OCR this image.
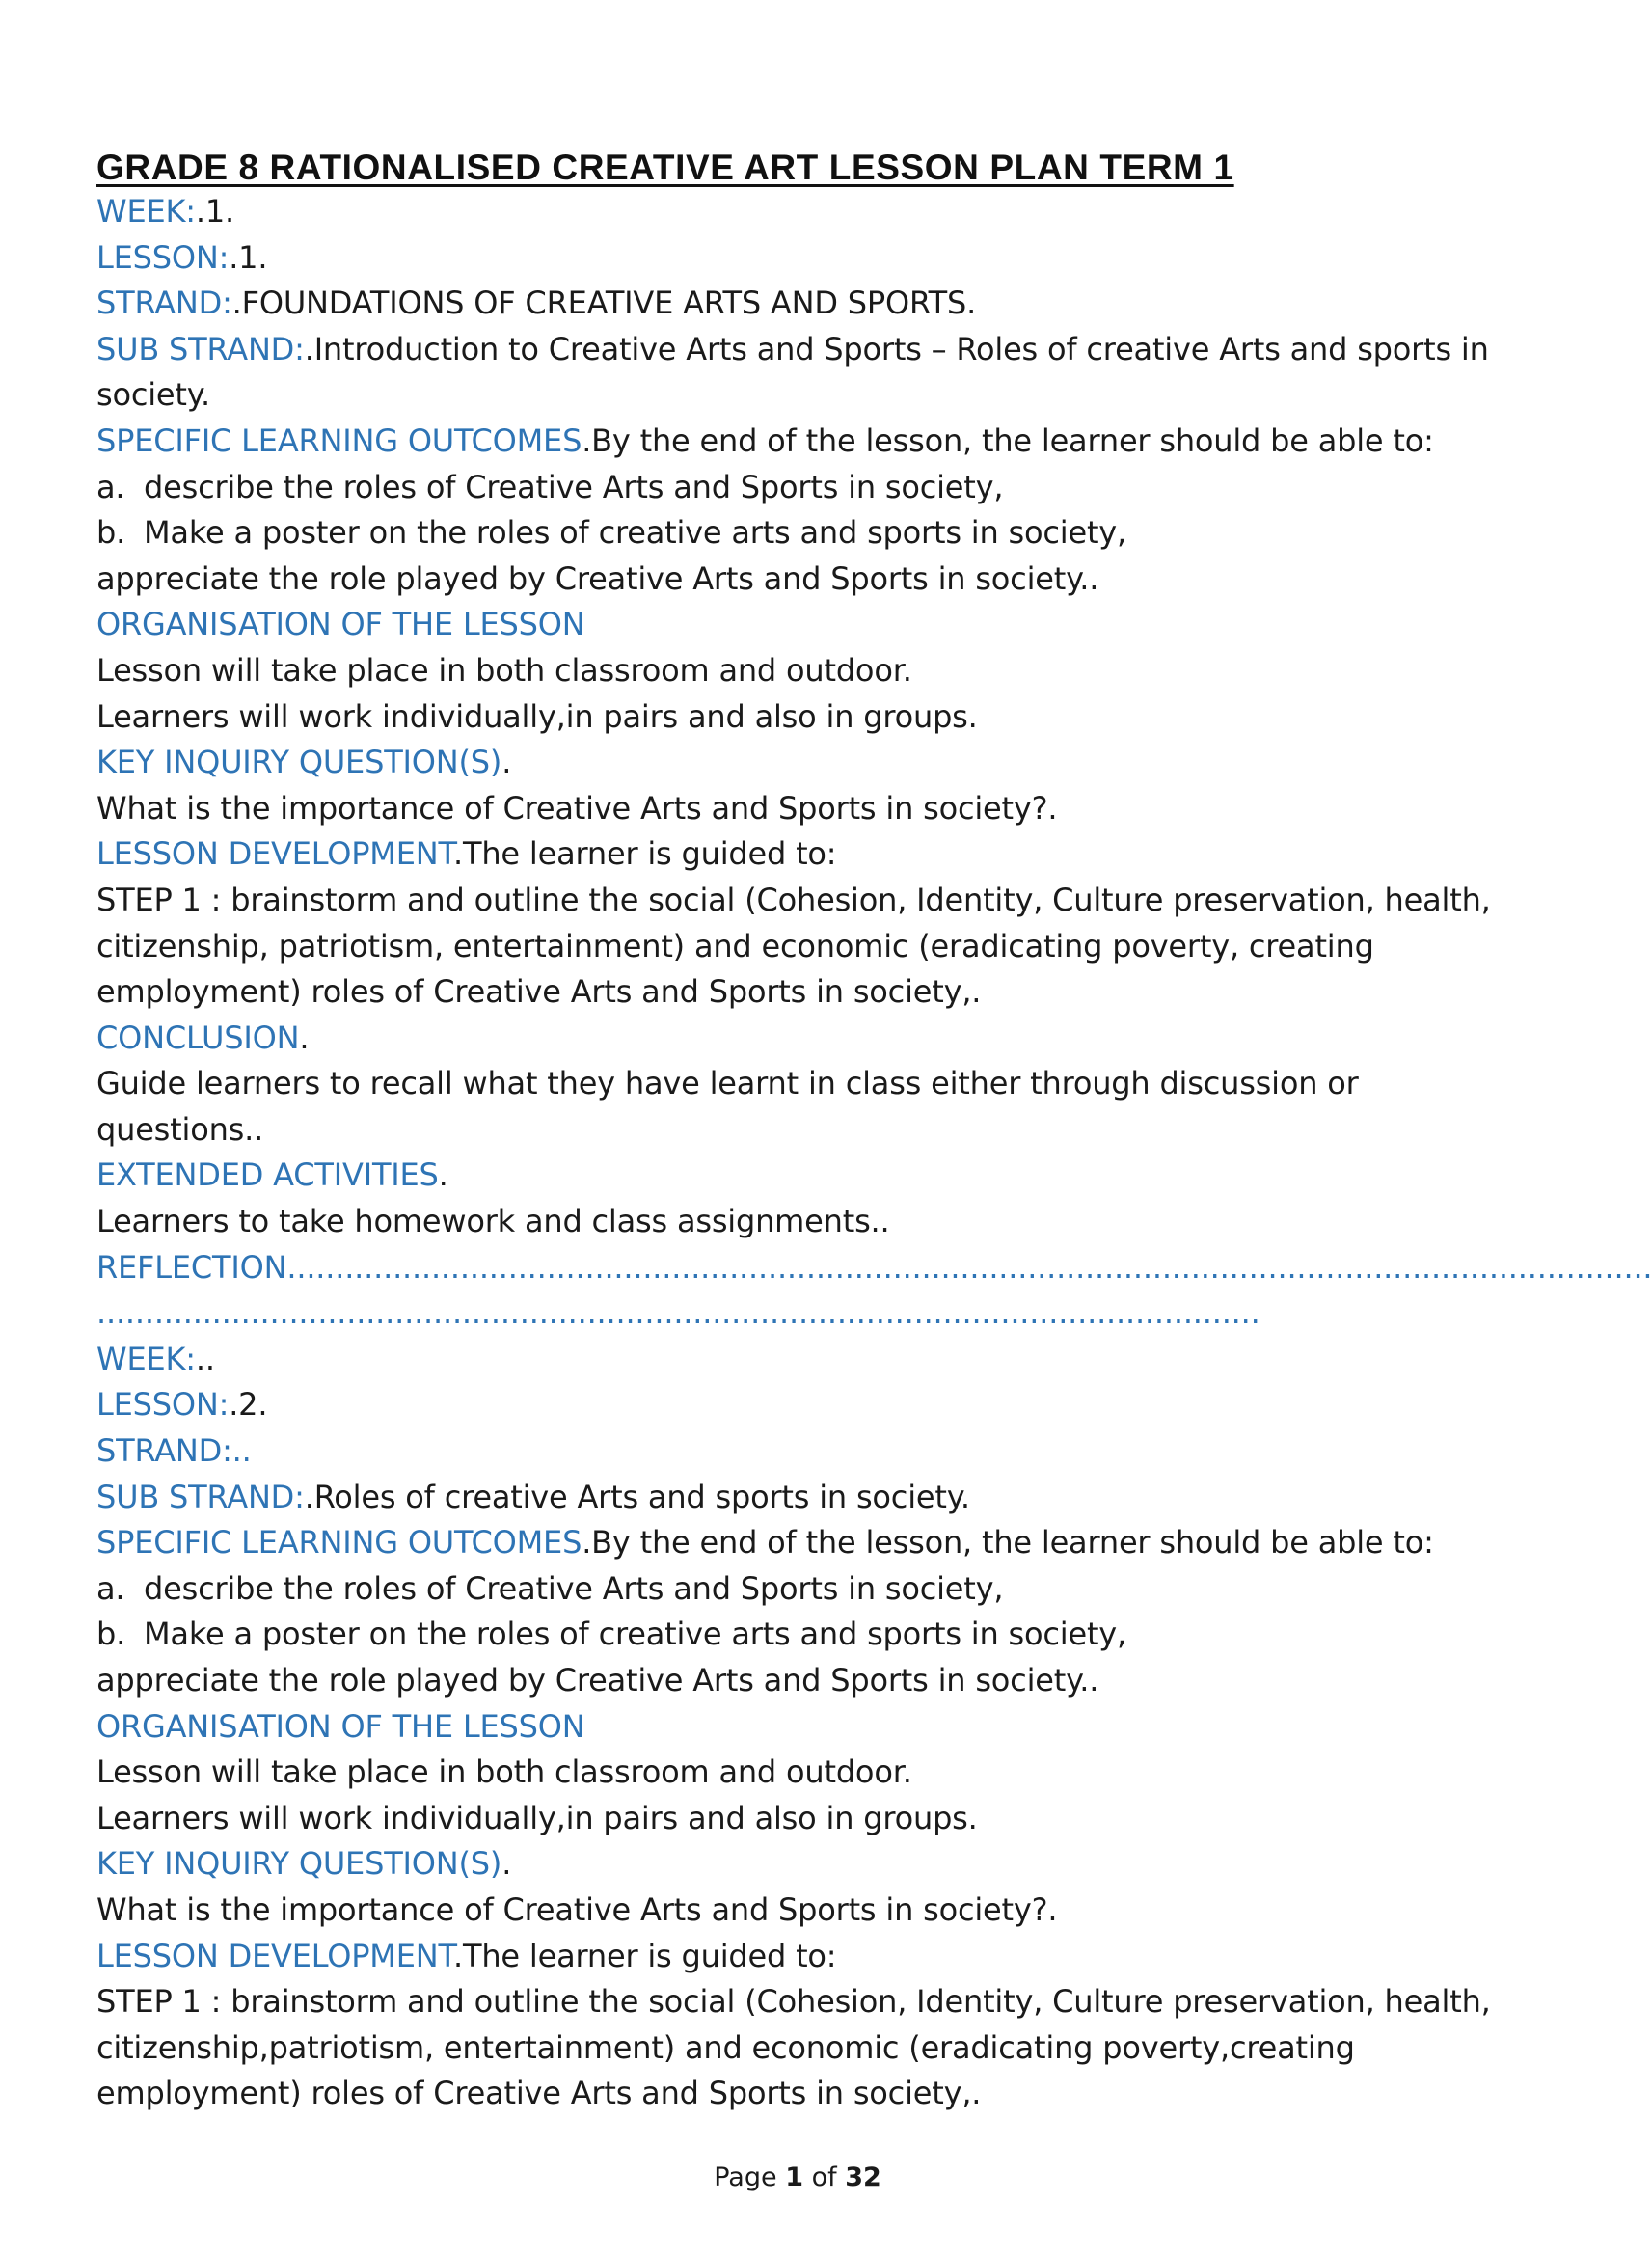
GRADE 8 RATIONALISED CREATIVE ART LESSON PLAN TERM 1
WEEK:.1.
LESSON:.1.
STRAND:.FOUNDATIONS OF CREATIVE ARTS AND SPORTS.
SUB STRAND:.Introduction to Creative Arts and Sports – Roles of creative Arts and sports in
society.
SPECIFIC LEARNING OUTCOMES.By the end of the lesson, the learner should be able to:
a. describe the roles of Creative Arts and Sports in society,
b. Make a poster on the roles of creative arts and sports in society,
appreciate the role played by Creative Arts and Sports in society..
ORGANISATION OF THE LESSON
Lesson will take place in both classroom and outdoor.
Learners will work individually,in pairs and also in groups.
KEY INQUIRY QUESTION(S).
What is the importance of Creative Arts and Sports in society?.
LESSON DEVELOPMENT.The learner is guided to:
STEP 1 : brainstorm and outline the social (Cohesion, Identity, Culture preservation, health,
citizenship, patriotism, entertainment) and economic (eradicating poverty, creating
employment) roles of Creative Arts and Sports in society,.
CONCLUSION.
Guide learners to recall what they have learnt in class either through discussion or
questions..
EXTENDED ACTIVITIES.
Learners to take homework and class assignments..
REFLECTION..............................................................................................................................................
.........................................................................................................................
WEEK:..
LESSON:.2.
STRAND:..
SUB STRAND:.Roles of creative Arts and sports in society.
SPECIFIC LEARNING OUTCOMES.By the end of the lesson, the learner should be able to:
a. describe the roles of Creative Arts and Sports in society,
b. Make a poster on the roles of creative arts and sports in society,
appreciate the role played by Creative Arts and Sports in society..
ORGANISATION OF THE LESSON
Lesson will take place in both classroom and outdoor.
Learners will work individually,in pairs and also in groups.
KEY INQUIRY QUESTION(S).
What is the importance of Creative Arts and Sports in society?.
LESSON DEVELOPMENT.The learner is guided to:
STEP 1 : brainstorm and outline the social (Cohesion, Identity, Culture preservation, health,
citizenship,patriotism, entertainment) and economic (eradicating poverty,creating
employment) roles of Creative Arts and Sports in society,.
Page 1 of 32
